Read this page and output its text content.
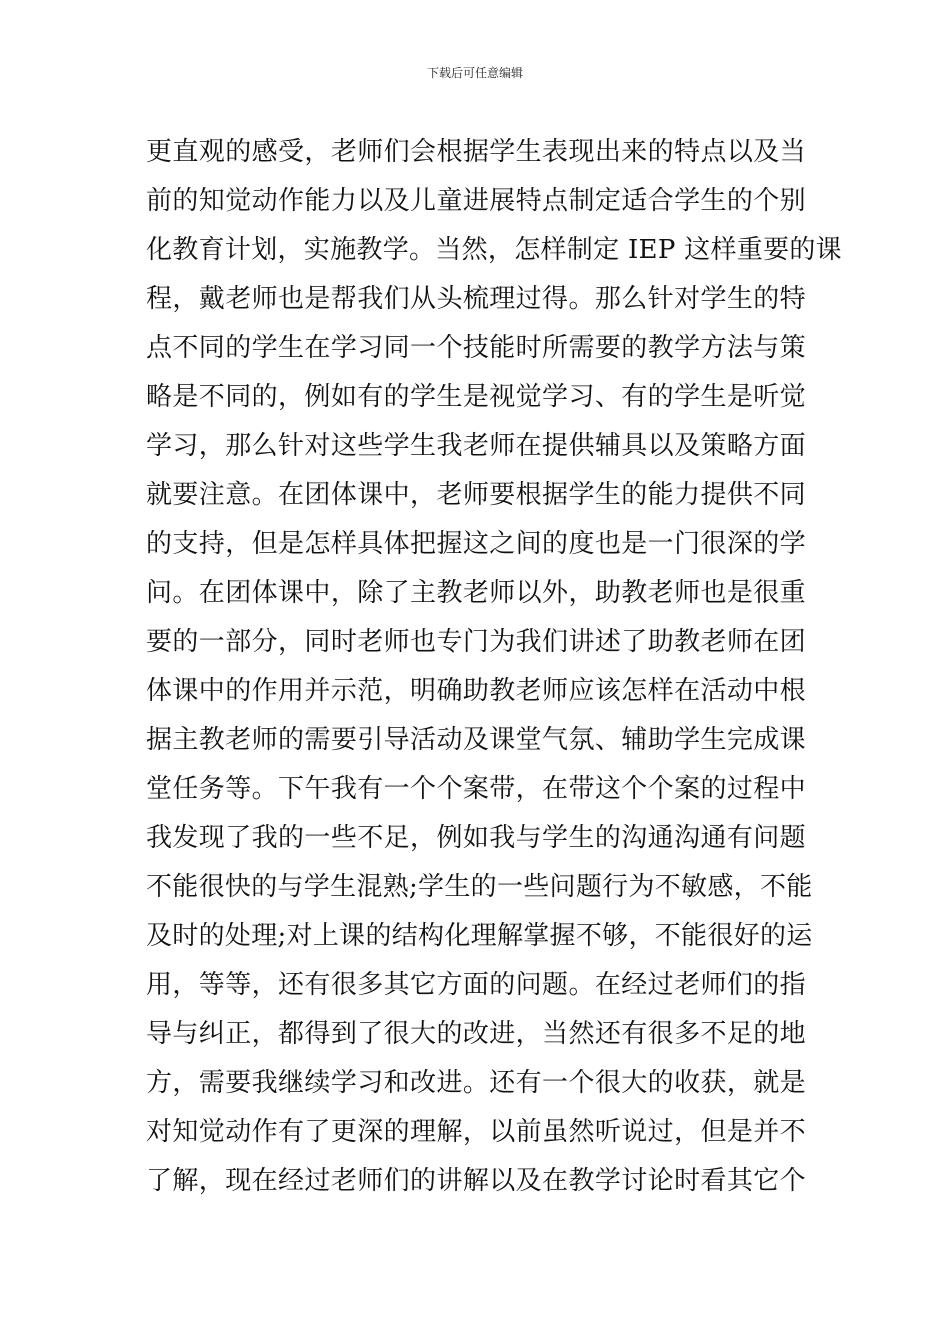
下载后可任意编辑
更直观的感受，老师们会根据学生表现出来的特点以及当
前的知觉动作能力以及儿童进展特点制定适合学生的个别
化教育计划，实施教学。当然，怎样制定 IEP 这样重要的课
程，戴老师也是帮我们从头梳理过得。那么针对学生的特
点不同的学生在学习同一个技能时所需要的教学方法与策
略是不同的，例如有的学生是视觉学习、有的学生是听觉
学习，那么针对这些学生我老师在提供辅具以及策略方面
就要注意。在团体课中，老师要根据学生的能力提供不同
的支持，但是怎样具体把握这之间的度也是一门很深的学
问。在团体课中，除了主教老师以外，助教老师也是很重
要的一部分，同时老师也专门为我们讲述了助教老师在团
体课中的作用并示范，明确助教老师应该怎样在活动中根
据主教老师的需要引导活动及课堂气氛、辅助学生完成课
堂任务等。下午我有一个个案带，在带这个个案的过程中
我发现了我的一些不足，例如我与学生的沟通沟通有问题
不能很快的与学生混熟;学生的一些问题行为不敏感，不能
及时的处理;对上课的结构化理解掌握不够，不能很好的运
用，等等，还有很多其它方面的问题。在经过老师们的指
导与纠正，都得到了很大的改进，当然还有很多不足的地
方，需要我继续学习和改进。还有一个很大的收获，就是
对知觉动作有了更深的理解，以前虽然听说过，但是并不
了解，现在经过老师们的讲解以及在教学讨论时看其它个
